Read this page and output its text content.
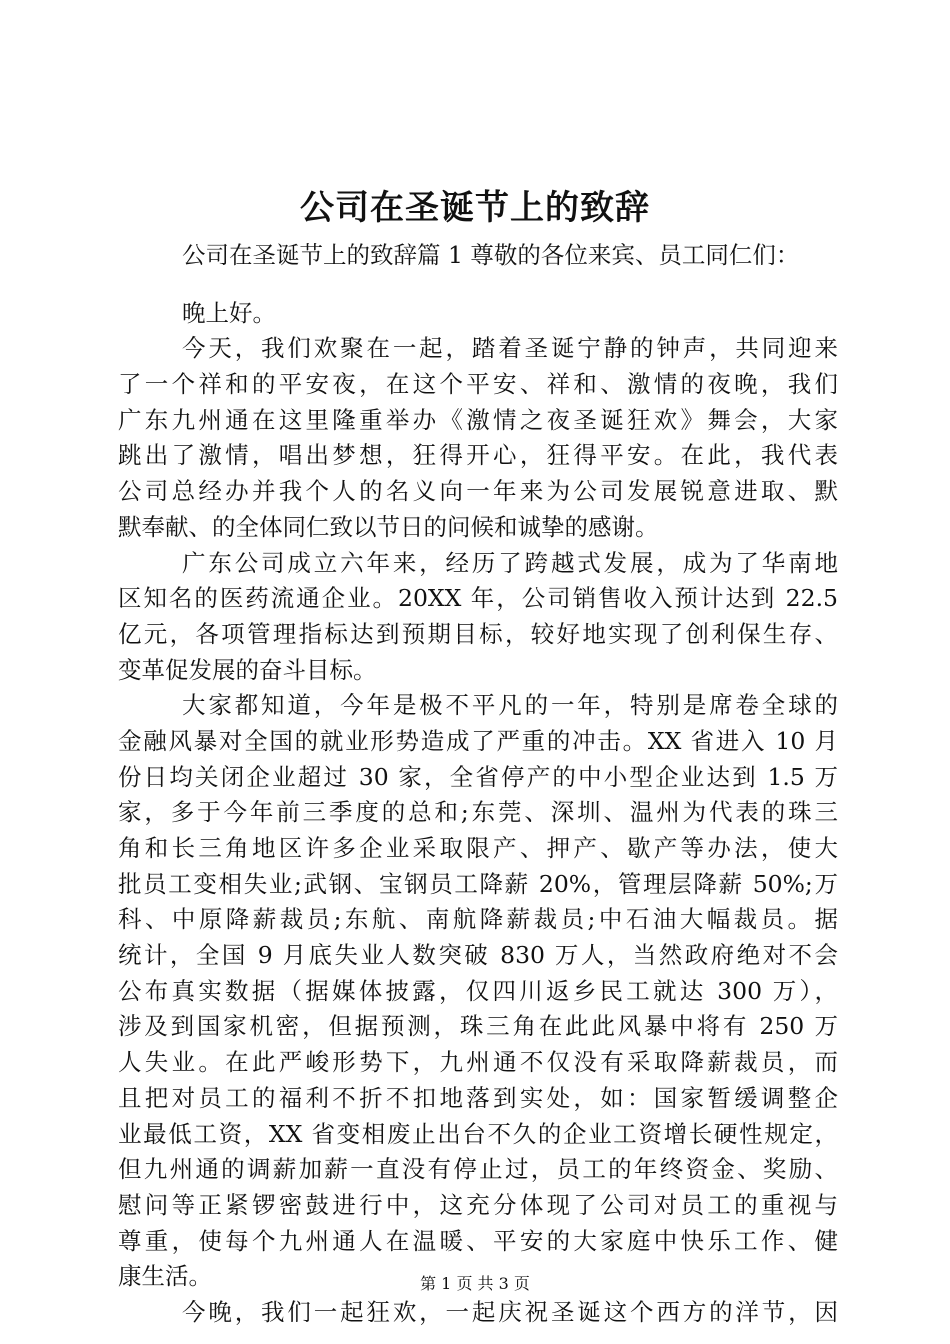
公司在圣诞节上的致辞
公司在圣诞节上的致辞篇 1 尊敬的各位来宾、员工同仁们：
晚上好。
今天，我们欢聚在一起，踏着圣诞宁静的钟声，共同迎来
了一个祥和的平安夜，在这个平安、祥和、激情的夜晚，我们
广东九州通在这里隆重举办《激情之夜圣诞狂欢》舞会，大家
跳出了激情，唱出梦想，狂得开心，狂得平安。在此，我代表
公司总经办并我个人的名义向一年来为公司发展锐意进取、默
默奉献、的全体同仁致以节日的问候和诚挚的感谢。
广东公司成立六年来，经历了跨越式发展，成为了华南地
区知名的医药流通企业。20XX 年，公司销售收入预计达到 22.5
亿元，各项管理指标达到预期目标，较好地实现了创利保生存、
变革促发展的奋斗目标。
大家都知道，今年是极不平凡的一年，特别是席卷全球的
金融风暴对全国的就业形势造成了严重的冲击。XX 省进入 10 月
份日均关闭企业超过 30 家，全省停产的中小型企业达到 1.5 万
家，多于今年前三季度的总和;东莞、深圳、温州为代表的珠三
角和长三角地区许多企业采取限产、押产、歇产等办法，使大
批员工变相失业;武钢、宝钢员工降薪 20%，管理层降薪 50%;万
科、中原降薪裁员;东航、南航降薪裁员;中石油大幅裁员。据
统计，全国 9 月底失业人数突破 830 万人，当然政府绝对不会
公布真实数据（据媒体披露，仅四川返乡民工就达 300 万），
涉及到国家机密，但据预测，珠三角在此此风暴中将有 250 万
人失业。在此严峻形势下，九州通不仅没有采取降薪裁员，而
且把对员工的福利不折不扣地落到实处，如：国家暂缓调整企
业最低工资，XX 省变相废止出台不久的企业工资增长硬性规定，
但九州通的调薪加薪一直没有停止过，员工的年终资金、奖励、
慰问等正紧锣密鼓进行中，这充分体现了公司对员工的重视与
尊重，使每个九州通人在温暖、平安的大家庭中快乐工作、健
康生活。
今晚，我们一起狂欢，一起庆祝圣诞这个西方的洋节，因
第 1 页 共 3 页
